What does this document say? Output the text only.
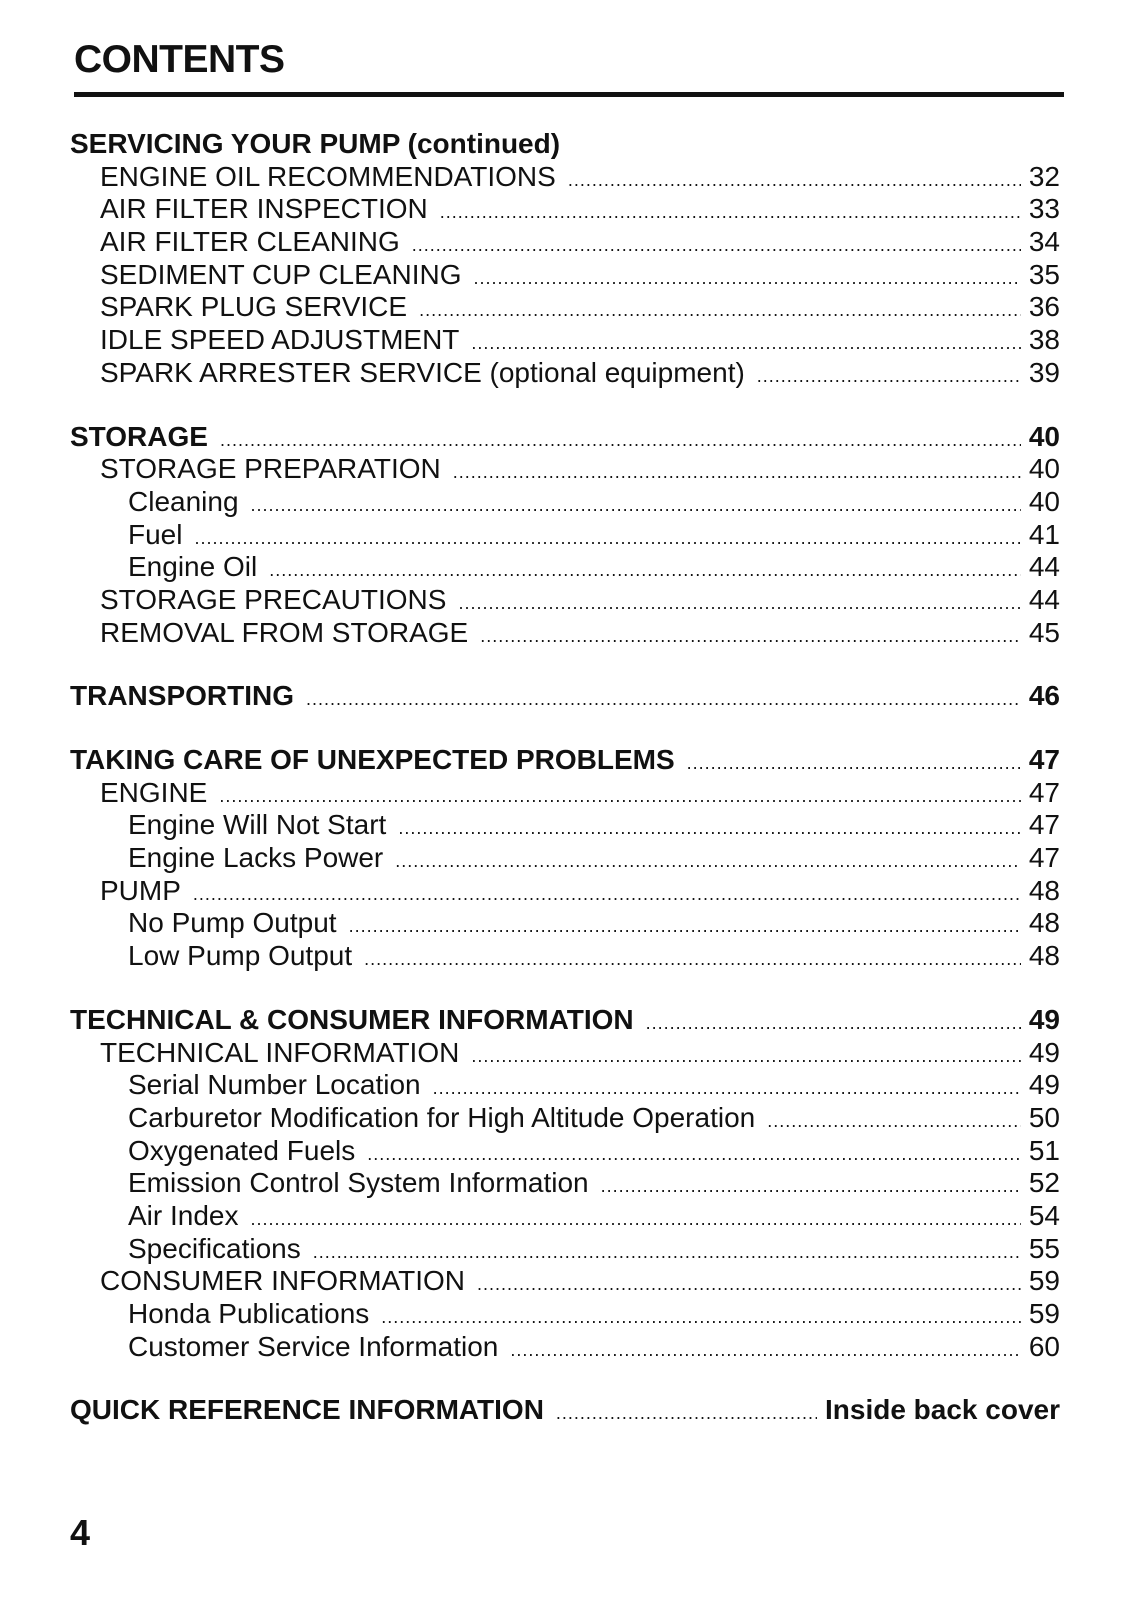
CONTENTS
SERVICING YOUR PUMP (continued)
ENGINE OIL RECOMMENDATIONS .....	32
AIR FILTER INSPECTION .....	33
AIR FILTER CLEANING .....	34
SEDIMENT CUP CLEANING .....	35
SPARK PLUG SERVICE .....	36
IDLE SPEED ADJUSTMENT .....	38
SPARK ARRESTER SERVICE (optional equipment) .....	39
STORAGE .....	40
STORAGE PREPARATION .....	40
Cleaning .....	40
Fuel .....	41
Engine Oil .....	44
STORAGE PRECAUTIONS .....	44
REMOVAL FROM STORAGE .....	45
TRANSPORTING .....	46
TAKING CARE OF UNEXPECTED PROBLEMS .....	47
ENGINE .....	47
Engine Will Not Start .....	47
Engine Lacks Power .....	47
PUMP .....	48
No Pump Output .....	48
Low Pump Output .....	48
TECHNICAL & CONSUMER INFORMATION .....	49
TECHNICAL INFORMATION .....	49
Serial Number Location .....	49
Carburetor Modification for High Altitude Operation .....	50
Oxygenated Fuels .....	51
Emission Control System Information .....	52
Air Index .....	54
Specifications .....	55
CONSUMER INFORMATION .....	59
Honda Publications .....	59
Customer Service Information .....	60
QUICK REFERENCE INFORMATION .....	Inside back cover
4
